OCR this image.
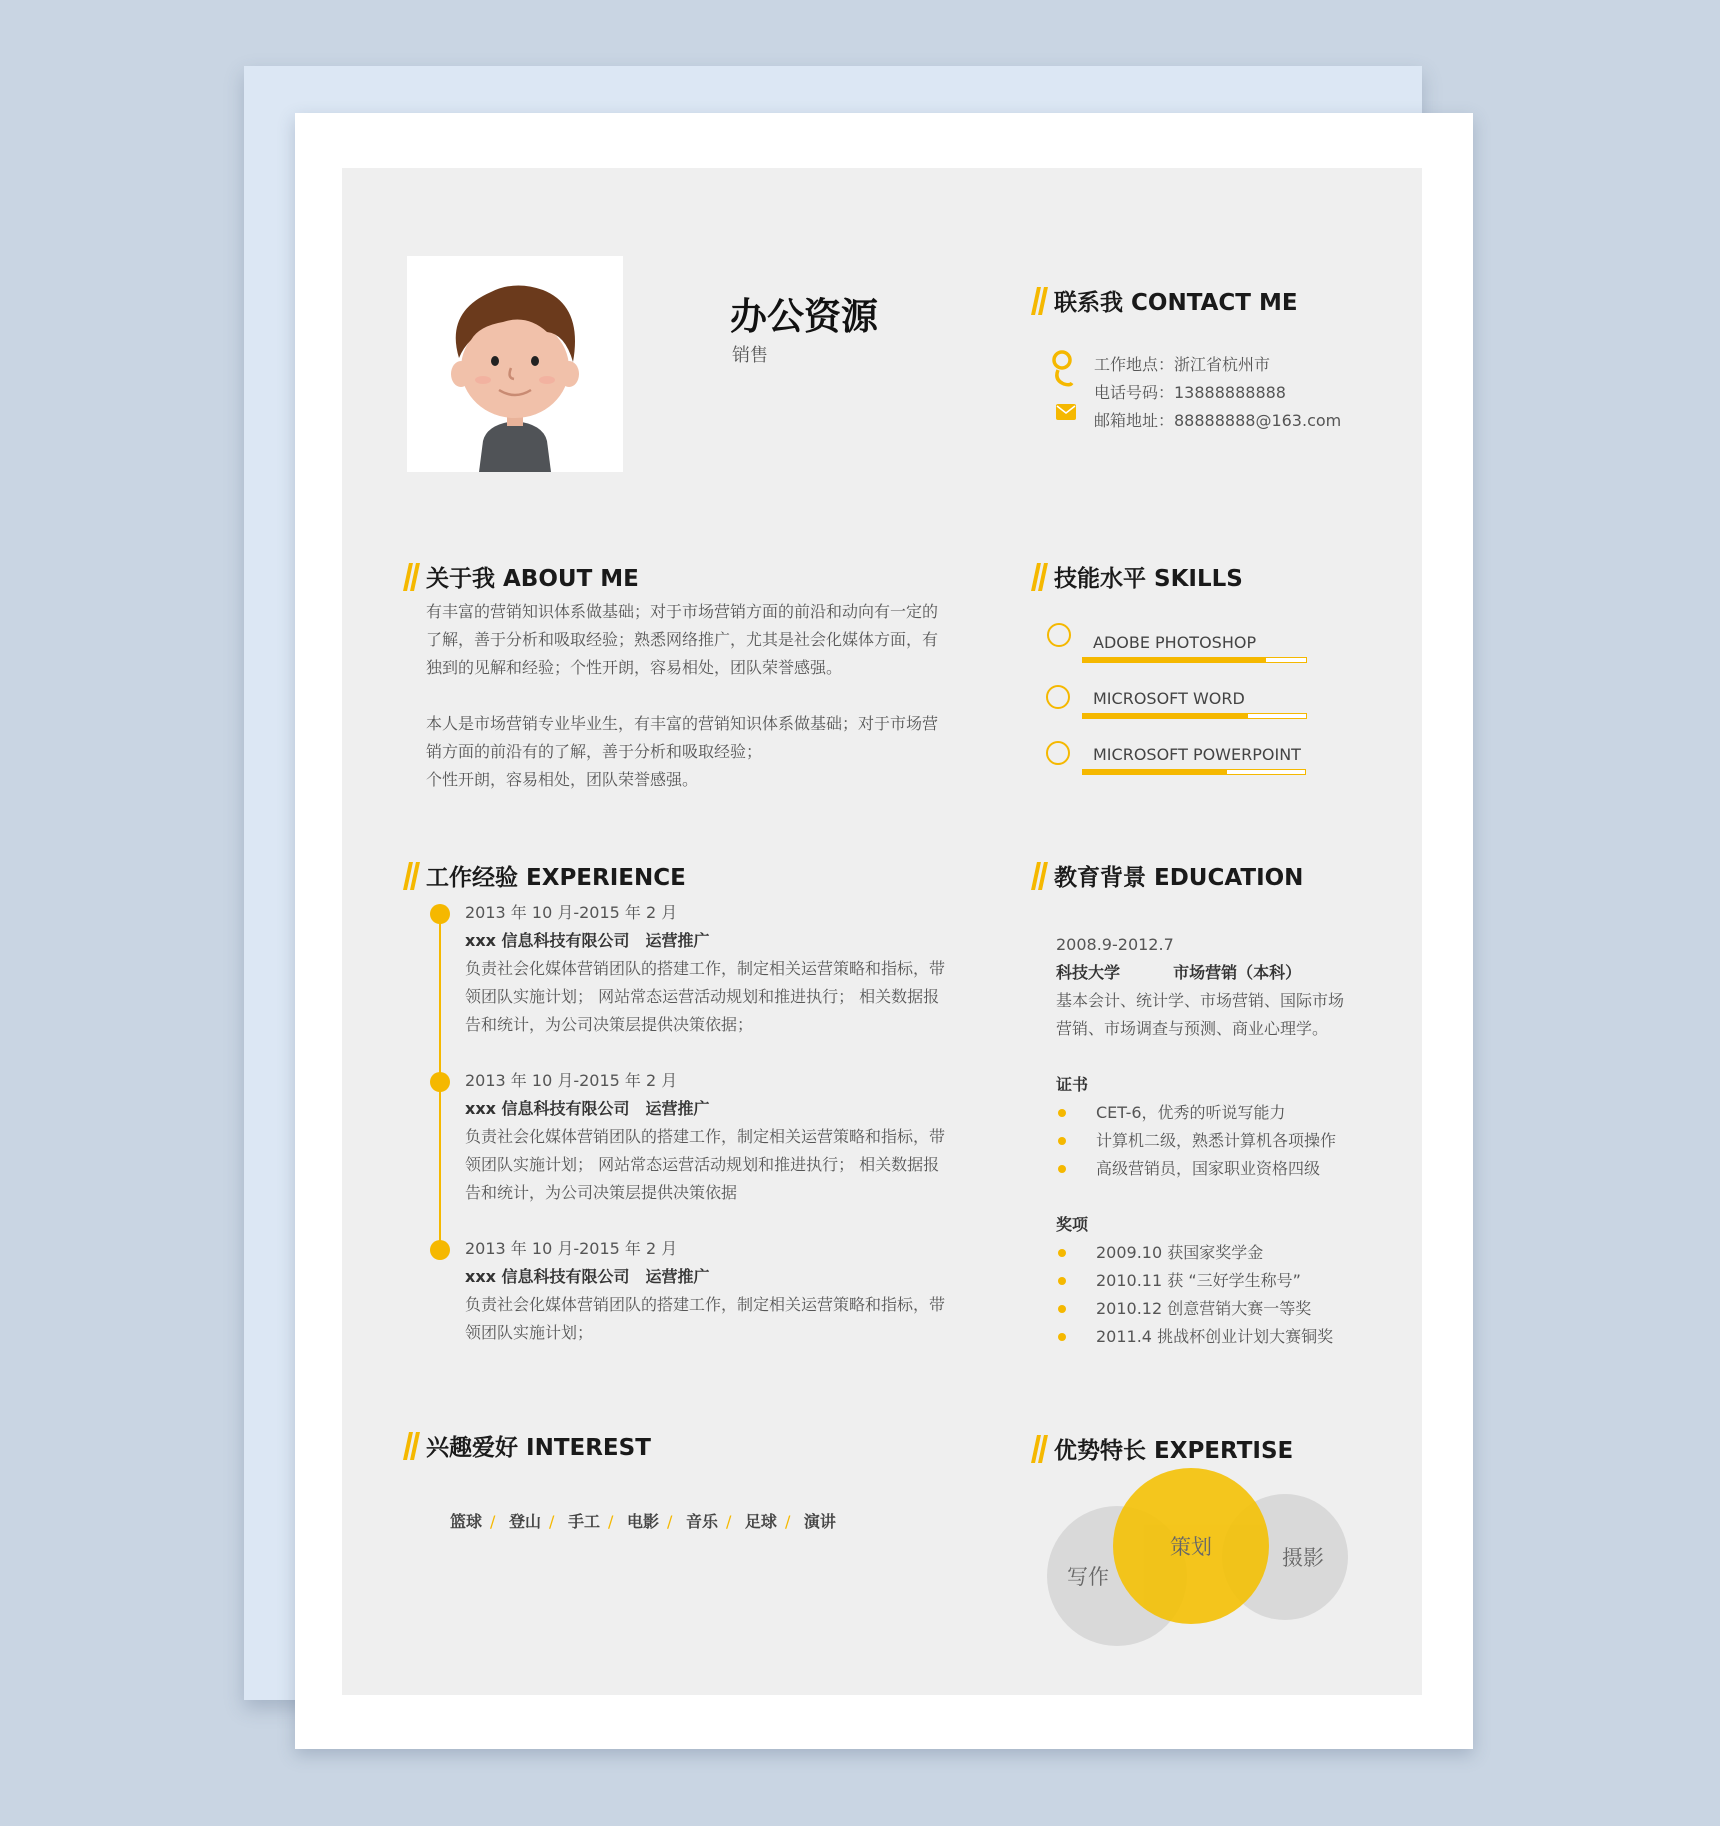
办公资源
销售
联系我 CONTACT ME
工作地点：浙江省杭州市
电话号码：13888888888
邮箱地址：88888888@163.com
关于我 ABOUT ME
有丰富的营销知识体系做基础；对于市场营销方面的前沿和动向有一定的
了解，善于分析和吸取经验；熟悉网络推广，尤其是社会化媒体方面，有
独到的见解和经验；个性开朗，容易相处，团队荣誉感强。
本人是市场营销专业毕业生，有丰富的营销知识体系做基础；对于市场营
销方面的前沿有的了解，善于分析和吸取经验；
个性开朗，容易相处，团队荣誉感强。
技能水平 SKILLS
ADOBE PHOTOSHOP
MICROSOFT WORD
MICROSOFT POWERPOINT
工作经验 EXPERIENCE
2013 年 10 月-2015 年 2 月
xxx 信息科技有限公司　运营推广
负责社会化媒体营销团队的搭建工作，制定相关运营策略和指标，带
领团队实施计划； 网站常态运营活动规划和推进执行； 相关数据报
告和统计，为公司决策层提供决策依据；
2013 年 10 月-2015 年 2 月
xxx 信息科技有限公司　运营推广
负责社会化媒体营销团队的搭建工作，制定相关运营策略和指标，带
领团队实施计划； 网站常态运营活动规划和推进执行； 相关数据报
告和统计，为公司决策层提供决策依据
2013 年 10 月-2015 年 2 月
xxx 信息科技有限公司　运营推广
负责社会化媒体营销团队的搭建工作，制定相关运营策略和指标，带
领团队实施计划；
教育背景 EDUCATION
2008.9-2012.7
科技大学	市场营销（本科）
基本会计、统计学、市场营销、国际市场
营销、市场调查与预测、商业心理学。
证书
CET-6，优秀的听说写能力
计算机二级，熟悉计算机各项操作
高级营销员，国家职业资格四级
奖项
2009.10 获国家奖学金
2010.11 获 “三好学生称号”
2010.12 创意营销大赛一等奖
2011.4 挑战杯创业计划大赛铜奖
兴趣爱好 INTEREST
篮球 / 登山 / 手工 / 电影 / 音乐 / 足球 / 演讲
优势特长 EXPERTISE
写作
摄影
策划
